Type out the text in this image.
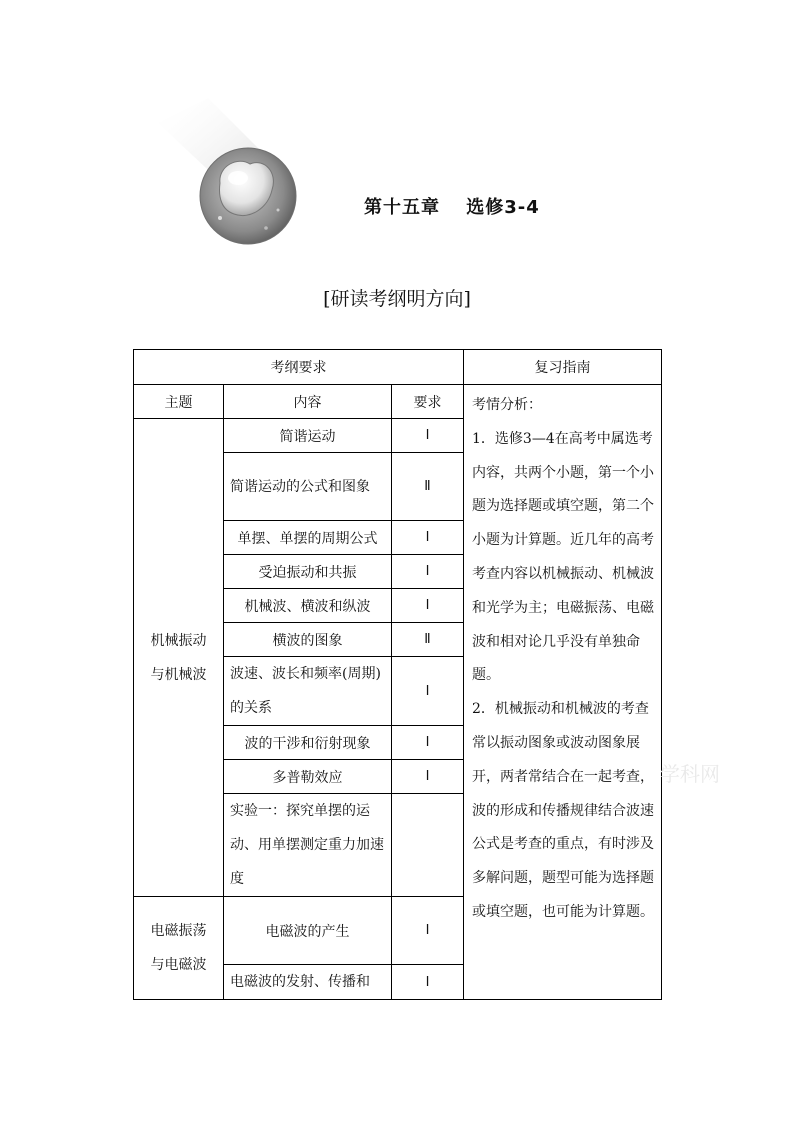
第十五章　 选修3-4
[研读考纲明方向]
考纲要求			复习指南
主题	内容	要求	考情分析：

1．选修3—4在高考中属选考内容，共两个小题，第一个小题为选择题或填空题，第二个小题为计算题。近几年的高考考查内容以机械振动、机械波和光学为主；电磁振荡、电磁波和相对论几乎没有单独命题。

2．机械振动和机械波的考查常以振动图象或波动图象展开，两者常结合在一起考查，波的形成和传播规律结合波速公式是考查的重点，有时涉及多解问题，题型可能为选择题或填空题，也可能为计算题。

机械振动
与机械波	简谐运动	Ⅰ	
	简谐运动的公式和图象	Ⅱ	
	单摆、单摆的周期公式	Ⅰ	
	受迫振动和共振	Ⅰ	
	机械波、横波和纵波	Ⅰ	
	横波的图象	Ⅱ	
	波速、波长和频率(周期)的关系	Ⅰ	
	波的干涉和衍射现象	Ⅰ	
	多普勒效应	Ⅰ	
	实验一：探究单摆的运动、用单摆测定重力加速度		

电磁振荡
与电磁波	电磁波的产生	Ⅰ	
	电磁波的发射、传播和	Ⅰ	
学科网
